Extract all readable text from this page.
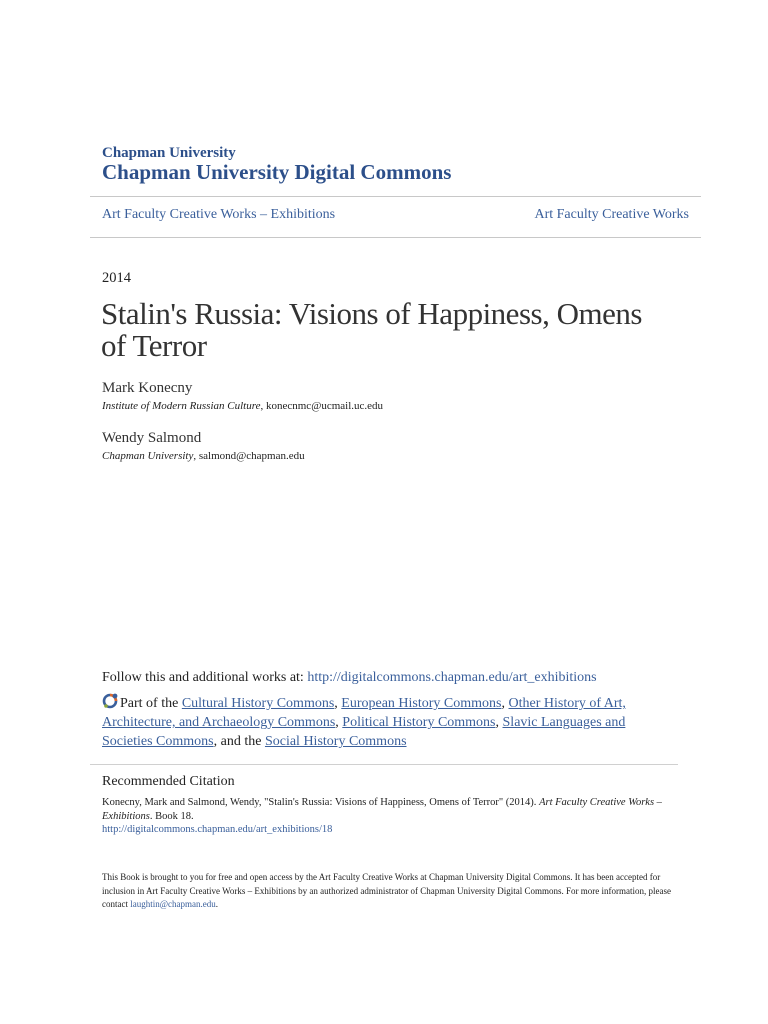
Chapman University
Chapman University Digital Commons
Art Faculty Creative Works – Exhibitions	Art Faculty Creative Works
2014
Stalin's Russia: Visions of Happiness, Omens of Terror
Mark Konecny
Institute of Modern Russian Culture, konecnmc@ucmail.uc.edu
Wendy Salmond
Chapman University, salmond@chapman.edu
Follow this and additional works at: http://digitalcommons.chapman.edu/art_exhibitions
Part of the Cultural History Commons, European History Commons, Other History of Art, Architecture, and Archaeology Commons, Political History Commons, Slavic Languages and Societies Commons, and the Social History Commons
Recommended Citation
Konecny, Mark and Salmond, Wendy, "Stalin's Russia: Visions of Happiness, Omens of Terror" (2014). Art Faculty Creative Works – Exhibitions. Book 18.
http://digitalcommons.chapman.edu/art_exhibitions/18
This Book is brought to you for free and open access by the Art Faculty Creative Works at Chapman University Digital Commons. It has been accepted for inclusion in Art Faculty Creative Works – Exhibitions by an authorized administrator of Chapman University Digital Commons. For more information, please contact laughtin@chapman.edu.
